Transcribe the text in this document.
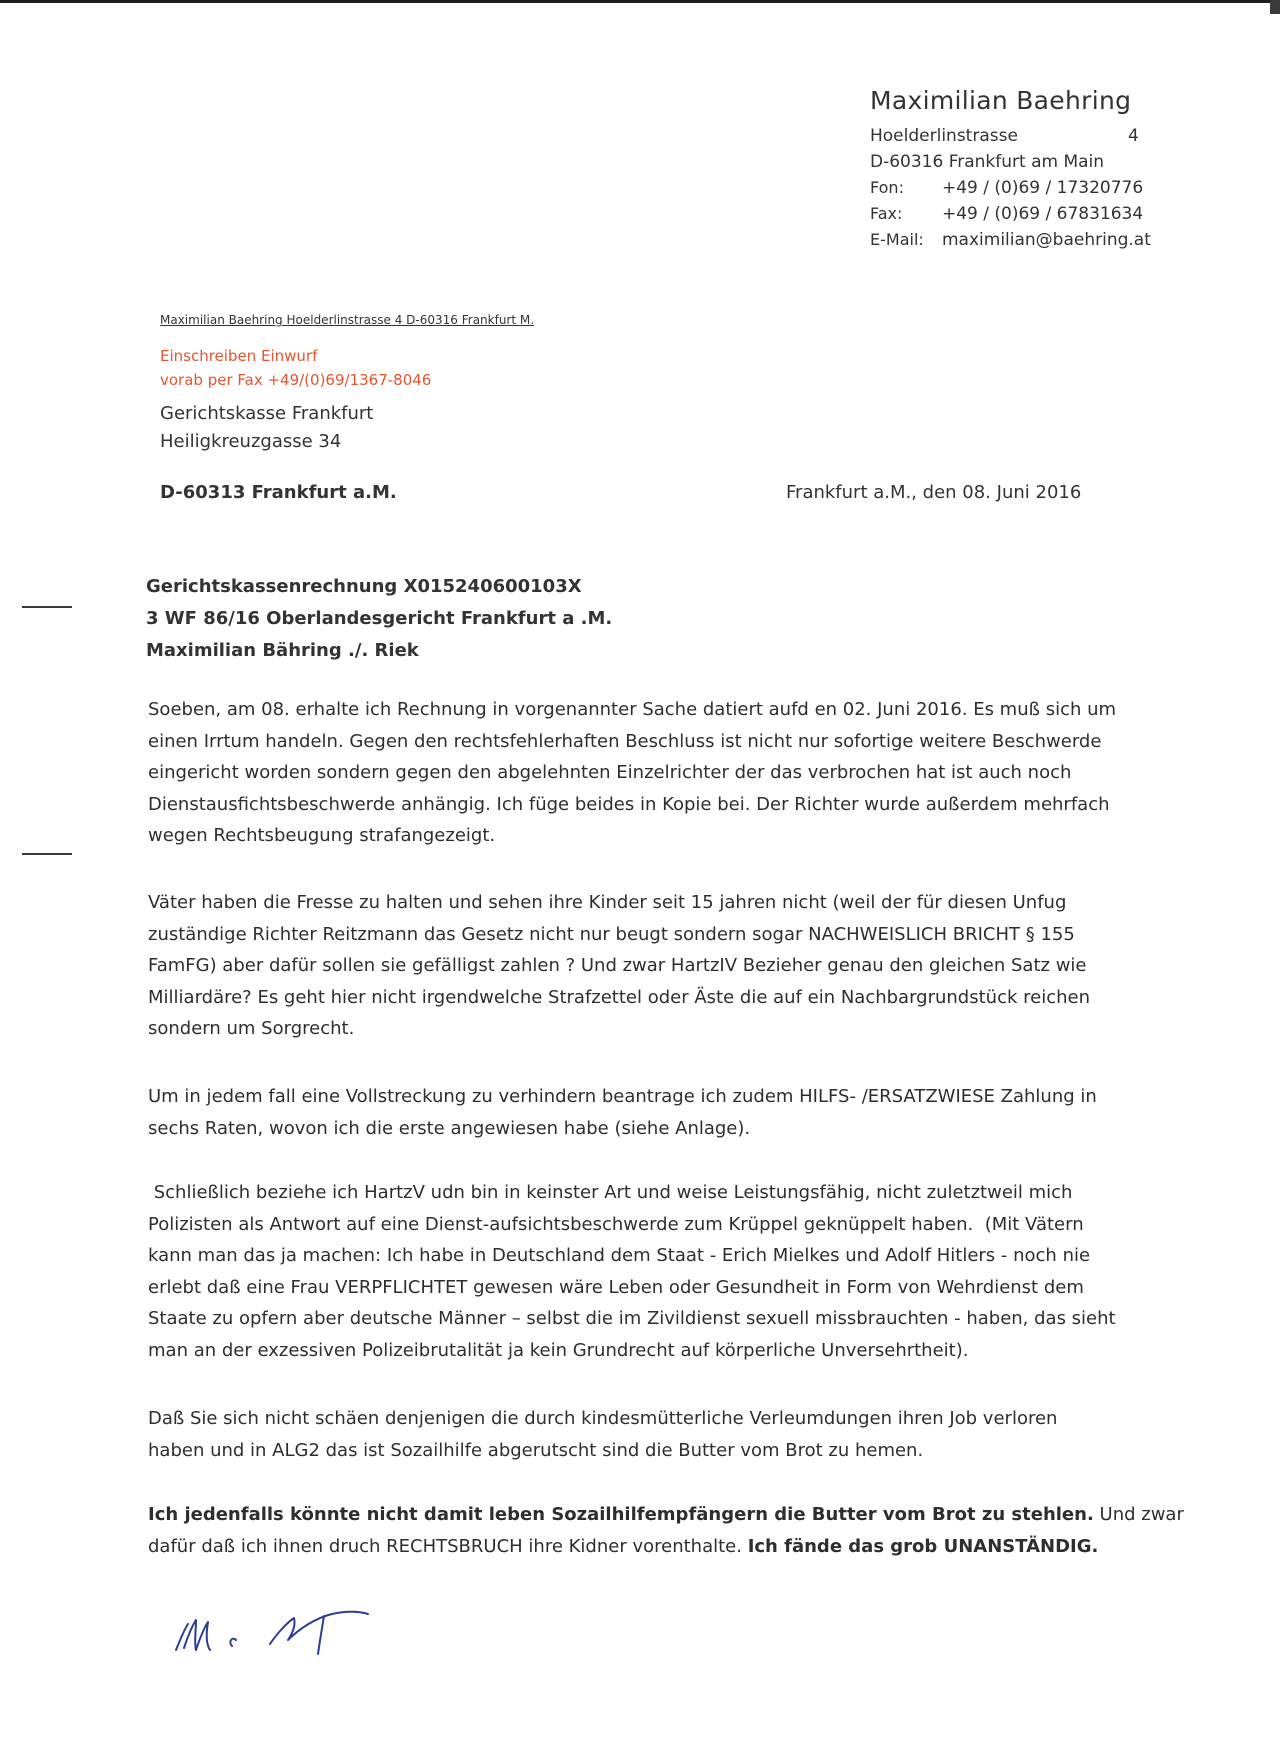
Maximilian Baehring
Hoelderlinstrasse	4
D-60316 Frankfurt am Main
Fon: +49 / (0)69 / 17320776
Fax: +49 / (0)69 / 67831634
E-Mail: maximilian@baehring.at
Maximilian Baehring Hoelderlinstrasse 4 D-60316 Frankfurt M.
Einschreiben Einwurf
vorab per Fax +49/(0)69/1367-8046
Gerichtskasse Frankfurt
Heiligkreuzgasse 34
D-60313 Frankfurt a.M.	Frankfurt a.M., den 08. Juni 2016
Gerichtskassenrechnung X015240600103X
3 WF 86/16 Oberlandesgericht Frankfurt a .M.
Maximilian Bähring ./. Riek
Soeben, am 08. erhalte ich Rechnung in vorgenannter Sache datiert aufd en 02. Juni 2016. Es muß sich um
einen Irrtum handeln. Gegen den rechtsfehlerhaften Beschluss ist nicht nur sofortige weitere Beschwerde
eingericht worden sondern gegen den abgelehnten Einzelrichter der das verbrochen hat ist auch noch
Dienstausfichtsbeschwerde anhängig. Ich füge beides in Kopie bei. Der Richter wurde außerdem mehrfach
wegen Rechtsbeugung strafangezeigt.
Väter haben die Fresse zu halten und sehen ihre Kinder seit 15 jahren nicht (weil der für diesen Unfug
zuständige Richter Reitzmann das Gesetz nicht nur beugt sondern sogar NACHWEISLICH BRICHT § 155
FamFG) aber dafür sollen sie gefälligst zahlen ? Und zwar HartzIV Bezieher genau den gleichen Satz wie
Milliardäre? Es geht hier nicht irgendwelche Strafzettel oder Äste die auf ein Nachbargrundstück reichen
sondern um Sorgrecht.
Um in jedem fall eine Vollstreckung zu verhindern beantrage ich zudem HILFS- /ERSATZWIESE Zahlung in
sechs Raten, wovon ich die erste angewiesen habe (siehe Anlage).
Schließlich beziehe ich HartzV udn bin in keinster Art und weise Leistungsfähig, nicht zuletztweil mich
Polizisten als Antwort auf eine Dienst-aufsichtsbeschwerde zum Krüppel geknüppelt haben.  (Mit Vätern
kann man das ja machen: Ich habe in Deutschland dem Staat - Erich Mielkes und Adolf Hitlers - noch nie
erlebt daß eine Frau VERPFLICHTET gewesen wäre Leben oder Gesundheit in Form von Wehrdienst dem
Staate zu opfern aber deutsche Männer – selbst die im Zivildienst sexuell missbrauchten - haben, das sieht
man an der exzessiven Polizeibrutalität ja kein Grundrecht auf körperliche Unversehrtheit).
Daß Sie sich nicht schäen denjenigen die durch kindesmütterliche Verleumdungen ihren Job verloren
haben und in ALG2 das ist Sozailhilfe abgerutscht sind die Butter vom Brot zu hemen.
Ich jedenfalls könnte nicht damit leben Sozailhilfempfängern die Butter vom Brot zu stehlen. Und zwar
dafür daß ich ihnen druch RECHTSBRUCH ihre Kidner vorenthalte. Ich fände das grob UNANSTÄNDIG.
